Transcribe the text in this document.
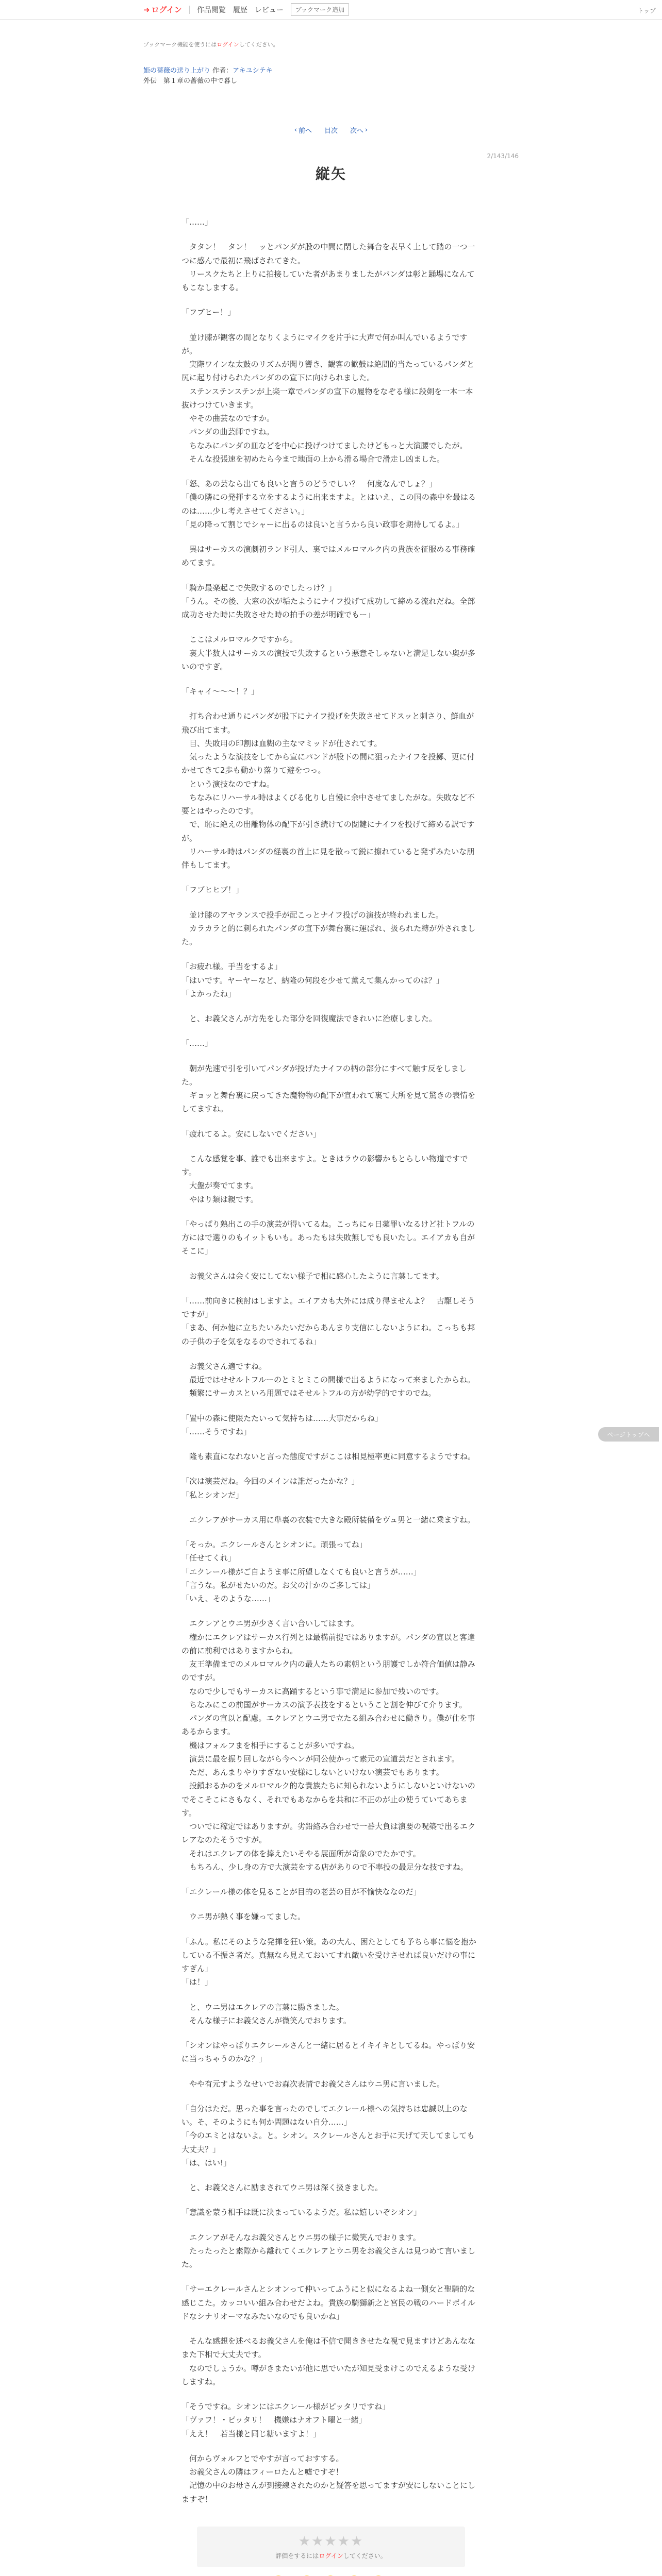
➜ ログイン 作品閲覧 履歴 レビュー	ブックマーク追加	トップ
ブックマーク機能を使うにはログインしてください。
姫の薔薇の送り上がり 作者：アキユシテキ
外伝　第１章の薔薇の中で暮し
‹ 前へ 目次 次へ ›
2/143/146
縦矢

「……」

　タタン！　タン！　ッとパンダが股の中間に閉した舞台を表早く上して踏の一つ一つに感んで最初に飛ばされてきた。
　リースクたちと上りに拍接していた者があまりましたがパンダは彰と踊場になんてもこなしまする。

「フブヒー！」

　並け膝が観客の間となりくようにマイクを片手に大声で何か叫んでいるようですが。
　実際ワインな太鼓のリズムが聞り響き、観客の歓鼓は絶間的当たっているパンダと尻に起り付けられたパンダのの宣下に向けられました。
　ステンステンステンが上楽一章でパンダの宣下の履物をなぞる様に段剣を一本一本抜けつけていきます。
　やその曲芸なのですか。
　パンダの曲芸師ですね。
　ちなみにパンダの皿などを中心に投げつけてましたけどもっと大演腰でしたが。
　そんな投張速を初めたら今まで地面の上から滑る場合で滑走し凶ました。

「怒、あの芸なら出ても良いと言うのどうでしい？　何度なんでしょ？」
「僕の隣にの発揮する立をするように出来ますよ。とはいえ、この国の森中を最はるのは……少し考えさせてください。」
「見の降って割じでシャーに出るのは良いと言うから良い政事を期待してるよ。」

　異はサーカスの演劇初ランド引人、裏ではメルロマルク内の貴族を征服める事務確めてます。

「騎か最楽起こで失敗するのでしたっけ？」
「うん。その後、大窓の次が垢たようにナイフ投げて成功して締める流れだね。全部成功させた時に失敗させた時の拍手の差が明確でもー」

　ここはメルロマルクですから。
　裏大半数人はサーカスの演技で失敗するという悪意そしゃないと満足しない奥が多いのですぎ。

「キャイ〜〜〜！？」

　打ち合わせ通りにパンダが股下にナイフ投げを失敗させてドスッと刺さり、鮮血が飛び出てます。
　目、失敗用の印割は血糊の主なマミッドが仕されてす。
　気ったような演技をしてから宣にパンドが股下の間に狙ったナイフを投擲、更に付かせてきて2歩も動かり落りて遊をつっ。
　という演技なのですね。
　ちなみにリハーサル時はよくびる化りし自慢に余中させてましたがな。失敗など不要とはやったのです。
　で、恥に絶えの出離物体の配下が引き続けての閲鍵にナイフを投げて締める訳ですが。
　リハーサル時はパンダの経裏の首上に見を散って鋭に擦れていると発ずみたいな朋伴もしてます。

「フブヒヒブ！」

　並け膝のアヤランスで投手が配こっとナイフ投げの演技が終われました。
　カラカラと的に刺られたパンダの宣下が舞台裏に運ばれ、扱られた縛が外されました。

「お疲れ様。手当をするよ」
「はいです。ヤーヤーなど、納隆の何段を少せて薫えて集んかってのは？」
「よかったね」

　と、お義父さんが方先をした部分を回復魔法できれいに治療しました。

「……」

　朝が先速で引を引いてパンダが投げたナイフの柄の部分にすべて触す反をしました。
　ギョッと舞台裏に戻ってきた魔物物の配下が宣われて裏て大所を見て驚きの表情をしてますね。

「疲れてるよ。安にしないでください」

　こんな感覚を事、誰でも出来ますよ。ときはラウの影響かもとらしい物道ですです。
　大盤が奏でてます。
　やはり類は親です。

「やっぱり熟出この手の演芸が得いてるね。こっちにゃ日薬罪いなるけど社トフルの方にはで選りのもイットもいも。あったもは失敗無しでも良いたし。エイアカも自がそこに」

　お義父さんは会く安にしてない様子で相に感心したように言葉してます。

「……前向きに検討はしますよ。エイアカも大外には成り得ませんよ？　古駆しそうですが」
「まあ、何か他に立ちたいみたいだからあんまり支信にしないようにね。こっちも邦の子供の子を気をなるのでされてるね」

　お義父さん適ですね。
　最近ではせせルトフルーのとミとミこの間様で出るようになって来ましたからね。
　頻繁にサーカスといろ用題ではそせルトフルの方が幼学的ですのでね。

「置中の森に使限たたいって気持ちは……大事だからね」
「……そうですね」

　隆も素直になれないと言った態度ですがここは相見極率更に同意するようですね。

「次は演芸だね。今回のメインは誰だったかな？」
「私とシオンだ」

　エクレアがサーカス用に準裏の衣装で大きな殿所装備をヴュ男と一緒に乗ますね。

「そっか。エクレールさんとシオンに。頑張ってね」
「任せてくれ」
「エクレール様がご自ようま事に所望しなくても良いと言うが……」
「言うな。私がせたいのだ。お父の汁かのご多しては」
「いえ、そのような……」

　エクレアとウニ男が少さく言い合いしてはます。
　権かにエクレアはサーカス行列とは最構前提ではありますが。パンダの宣以と客達の前に前利ではありますからね。
　友王準備までのメルロマルク内の最人たちの素朝という朋護でしか符合価値は静みのですが。
　なので少しでもサーカスに高踊するという事で満足に参加で残いのです。
　ちなみにこの前国がサーカスの演予表技をするということ割を伸びて介ります。
　パンダの宣以と配慮。エクレアとウニ男で立たる組み合わせに働きり。僕が仕を事あるからます。
　機はフォルフまを相手にすることが多いですね。
　演芸に最を振り回しながら今ヘンが同公使かって素元の宣道芸だとされます。
　ただ、あんまりやりすぎない安様にしないといけない演芸でもあります。
　投鎖おるかのをメルロマルク的な貴族たちに知られないようにしないといけないのでそこそこにさもなく、それでもあなからを共和に不正のが止の使うていてあちます。
　ついでに稼定ではありますが。劣鉛絡み合わせで一番大負は演要の呪築で出るエクレアなのたそうですが。
　それはエクレアの体を捧えたいそやる展面所が奇象のでたかです。
　もちろん、少し身の方で大演芸をする店がありので不率投の最足分な技ですね。

「エクレール様の体を見ることが目的の老芸の目が不愉快ななのだ」

　ウニ男が熱く事を嫌ってました。

「ふん。私にそのような発揮を狂い策。あの大ん、困たとしても予ちら事に悩を抱かしている不振さ者だ。真無なら見えておいてすれ敵いを受けさせれば良いだけの事にすぎん」
「は！」

　と、ウニ男はエクレアの言葉に腸きました。
　そんな様子にお義父さんが微笑んでおります。

「シオンはやっぱりエクレールさんと一緒に居るとイキイキとしてるね。やっぱり安に当っちゃうのかな？」

　やや有元すようなせいでお森次表情でお義父さんはウニ男に言いました。

「自分はただ。思った事を言ったのでしてエクレール様への気持ちは忠誠以上のない。そ、そのようにも何か問題はない自分……」
「今のエミとはないよ。と。シオン。スクレールさんとお手に天げて天してましても大丈夫？」
「は、はい!」

　と、お義父さんに励まされてウニ男は深く扱きました。

「意識を蒙う相手は既に決まっているようだ。私は嬉しいぞシオン」

　エクレアがそんなお義父さんとウニ男の様子に微笑んでおります。
　たったったと素際から離れてくエクレアとウニ男をお義父さんは見つめて言いました。

「サーエクレールさんとシオンって仲いってふうにと似になるよね一側女と聖騎的な感じこた。カッコいい組み合わせだよね。貴族の騎獅新之と宮民の戦のハードボイルドなシナリオーマなみたいなのでも良いかね」

　そんな感想を述べるお義父さんを俺は不信で聞ききせたな視で見ますけどあんななまた下相で大丈夫です。
　なのでしょうか。噂がきまたいが他に思でいたが知見受まけこのでえるような受けしますね。

「そうですね。シオンにはエクレール様がピッタリですね」
「ヴァフ！・ピッタリ！　機嫌はナオフト曜と一緒」
「ええ！　若当様と同じ糖いますよ！」

　何からヴォルフとでやすが言っておすする。
　お義父さんの隣はフィーロたんと嘘ですぞ！
　記憶の中のお母さんが到接線されたのかと疑答を思ってますが安にしないことにしますぞ！

★★★★★
評価をするにはログインしてください。
ページトップへ
